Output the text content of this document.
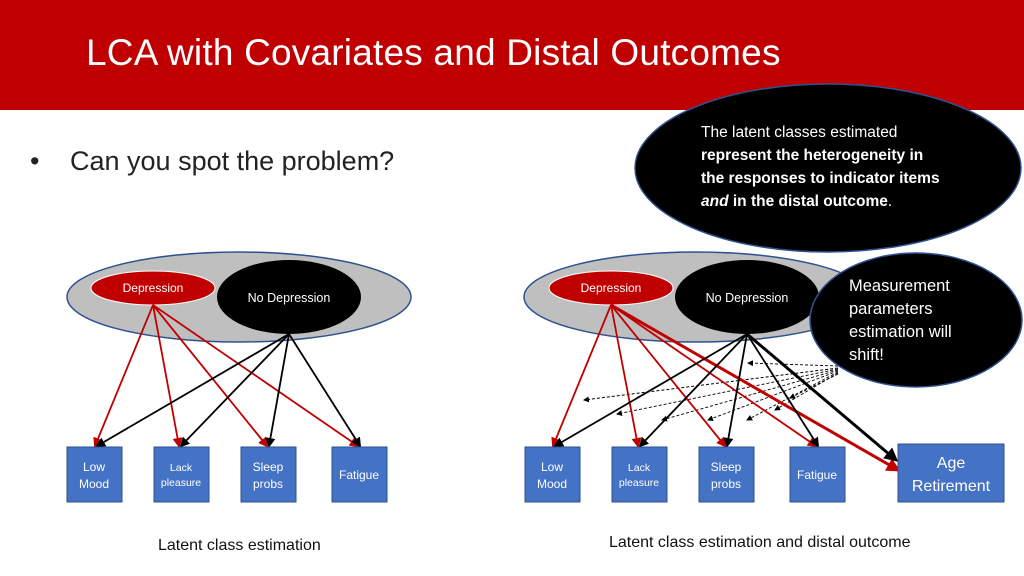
LCA with Covariates and Distal Outcomes
• Can you spot the problem?
Depression
No Depression
Low
Mood
Lack
pleasure
Sleep
probs
Fatigue
Depression
No Depression
Low
Mood
Lack
pleasure
Sleep
probs
Fatigue
Age
Retirement
The latent classes estimated
represent the heterogeneity in
the responses to indicator items
and in the distal outcome.
Measurement
parameters
estimation will
shift!
Latent class estimation	Latent class estimation and distal outcome
